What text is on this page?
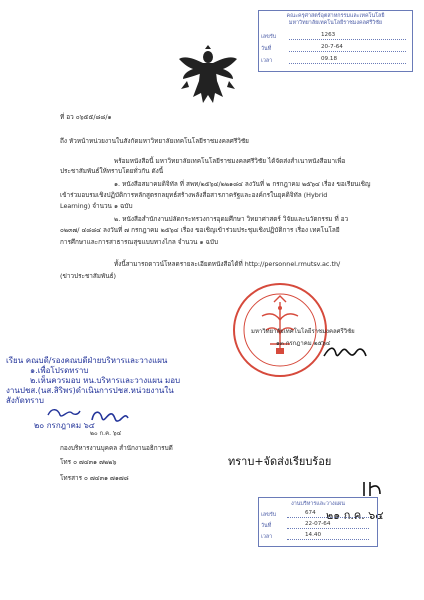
คณะครุศาสตร์อุตสาหกรรมและเทคโนโลยี
มหาวิทยาลัยเทคโนโลยีราชมงคลศรีวิชัย
เลขรับ	1263
วันที่	20-7-64
เวลา	09.18
ที่ อว ๐๖๕๕/๘๘/๑
ถึง หัวหน้าหน่วยงานในสังกัดมหาวิทยาลัยเทคโนโลยีราชมงคลศรีวิชัย
พร้อมหนังสือนี้ มหาวิทยาลัยเทคโนโลยีราชมงคลศรีวิชัย ได้จัดส่งสำเนาหนังสือมาเพื่อ
ประชาสัมพันธ์ให้ทราบโดยทั่วกัน ดังนี้
๑. หนังสือสมาคมดิจิทัล ที่ สพท/๒๕๖๔/๒๒๑๘๔ ลงวันที่ ๒ กรกฎาคม ๒๕๖๔ เรื่อง ขอเรียนเชิญ
เข้าร่วมอบรมเชิงปฏิบัติการหลักสูตรกลยุทธ์สร้างพลังสื่อสารภาครัฐและองค์กรในยุคดิจิทัล (Hybrid
Learning) จำนวน ๑ ฉบับ
๒. หนังสือสำนักงานปลัดกระทรวงการอุดมศึกษา วิทยาศาสตร์ วิจัยและนวัตกรรม ที่ อว
๐๒๓๗/ ๔๘๘๔ ลงวันที่ ๗ กรกฎาคม ๒๕๖๔ เรื่อง ขอเชิญเข้าร่วมประชุมเชิงปฏิบัติการ เรื่อง เทคโนโลยี
การศึกษาและการสาธารณสุขแบบทางไกล จำนวน ๑ ฉบับ
ทั้งนี้สามารถดาวน์โหลดรายละเอียดหนังสือได้ที่ http://personnel.rmutsv.ac.th/
(ข่าวประชาสัมพันธ์)
มหาวิทยาลัยเทคโนโลยีราชมงคลศรีวิชัย
๑๓ กรกฎาคม ๒๕๖๔
เรียน คณบดี/รองคณบดีฝ่ายบริหารและวางแผน
๑.เพื่อโปรดทราบ
๒.เห็นควรมอบ หน.บริหารและวางแผน มอบ
งานปชส.(นส.สิริพร)ดำเนินการปชส.หน่วยงานใน
สังกัดทราบ
๒๐ กรกฎาคม ๖๔
๒๐ ก.ค. ๖๔
กองบริหารงานบุคคล สำนักงานอธิการบดี
โทร ๐ ๗๔๓๑ ๗๒๒๖
โทรสาร ๐ ๗๔๓๑ ๗๑๗๘
ทราบ+จัดส่งเรียบร้อย
๒๑ ก.ค. ๖๔
งานบริหารและวางแผน
เลขรับ	674
วันที่	22-07-64
เวลา	14.40
